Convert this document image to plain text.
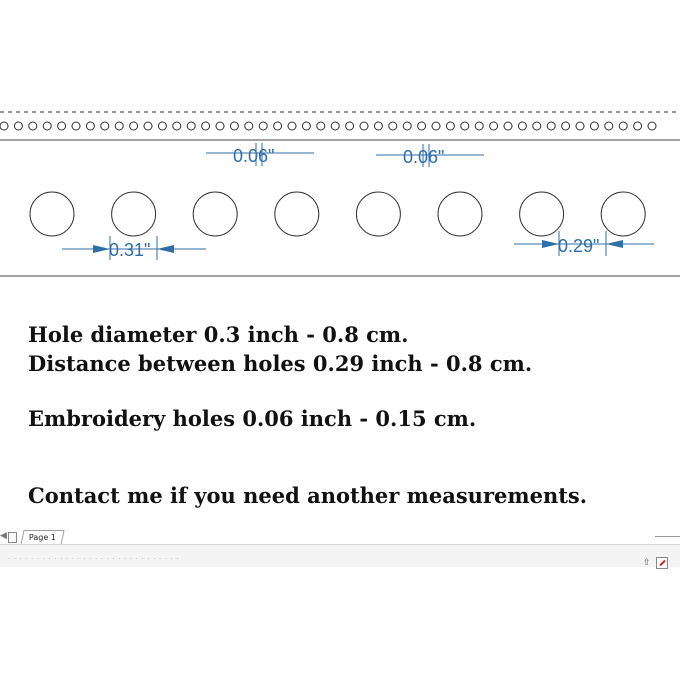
0.06"	0.06"
0.31"	0.29"

Hole diameter 0.3 inch - 0.8 cm.

Distance between holes 0.29 inch - 0.8 cm.

Embroidery holes 0.06 inch - 0.15 cm.

Contact me if you need another measurements.

◀	Page 1
· · · · · · · · · · · · · · · · · · · · · · · · · · · · · ·	⇧
